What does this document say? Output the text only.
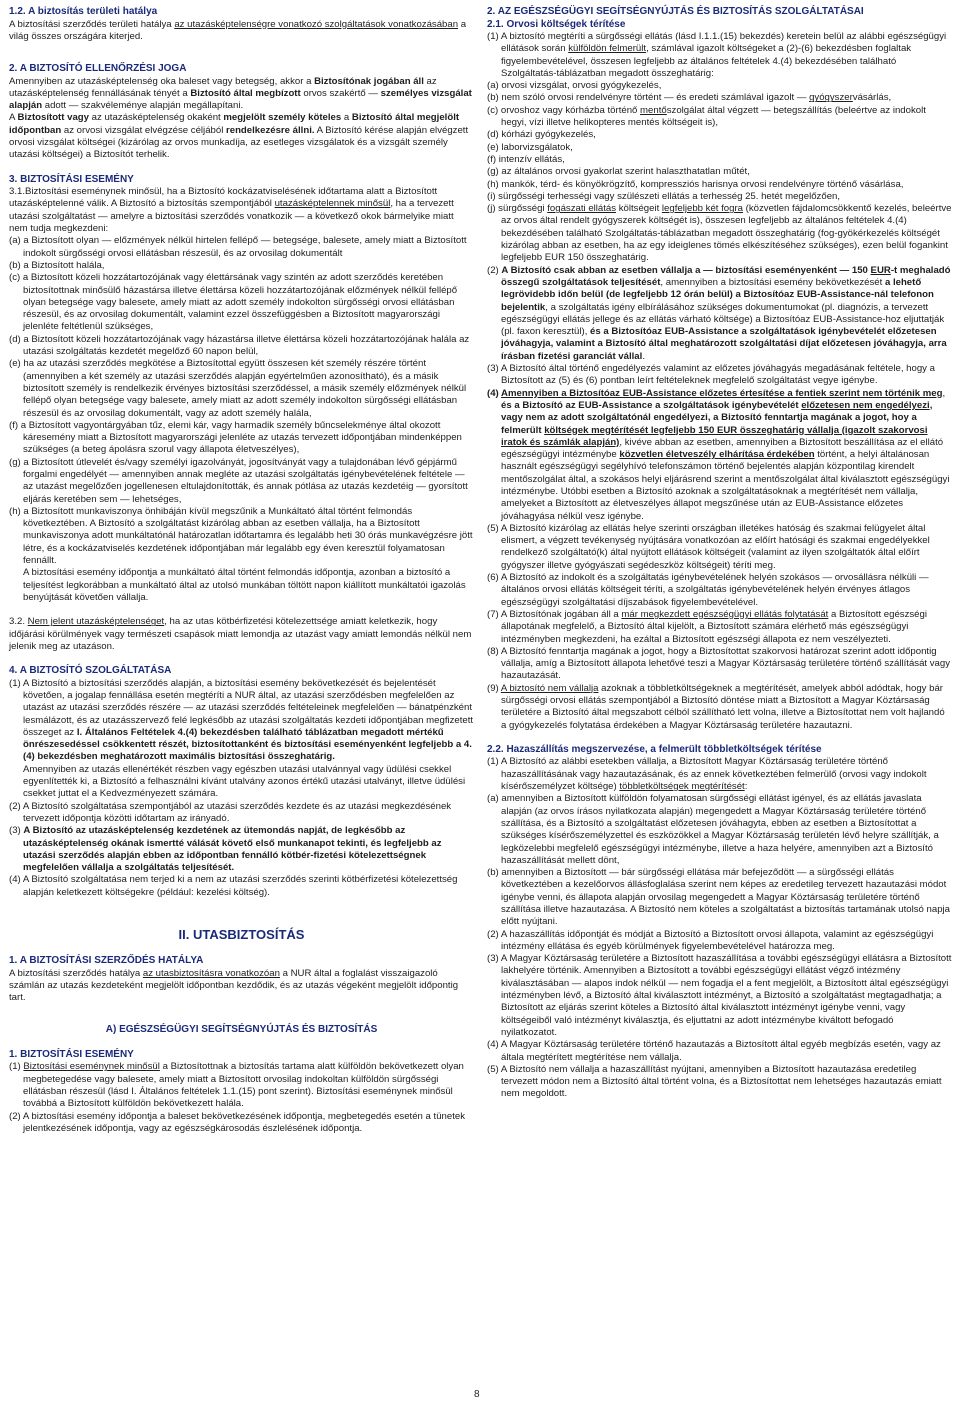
1.2. A biztosítás területi hatálya

A biztosítási szerződés területi hatálya az utazásképtelenségre vonatkozó szolgáltatások vonatkozásában a világ összes országára kiterjed.

2. A BIZTOSÍTÓ ELLENŐRZÉSI JOGA

Amennyiben az utazásképtelenség oka baleset vagy betegség, akkor a Biztosítónak jogában áll az utazásképtelenség fennállásának tényét a Biztosító által megbízott orvos szakértő — személyes vizsgálat alapján adott — szakvéleménye alapján megállapítani.

A Biztosított vagy az utazásképtelenség okaként megjelölt személy köteles a Biztosító által megjelölt időpontban az orvosi vizsgálat elvégzése céljából rendelkezésre állni. A Biztosító kérése alapján elvégzett orvosi vizsgálat költségei (kizárólag az orvos munkadíja, az esetleges vizsgálatok és a vizsgált személy utazási költségei) a Biztosítót terhelik.

3. BIZTOSÍTÁSI ESEMÉNY

3.1.Biztosítási eseménynek minősül, ha a Biztosító kockázatviselésének időtartama alatt a Biztosított utazásképtelenné válik. A Biztosító a biztosítás szempontjából utazásképtelennek minősül, ha a tervezett utazási szolgáltatást — amelyre a biztosítási szerződés vonatkozik — a következő okok bármelyike miatt nem tudja megkezdeni:

(a) a Biztosított olyan — előzmények nélkül hirtelen fellépő — betegsége, balesete, amely miatt a Biztosított indokolt sürgősségi orvosi ellátásban részesül, és az orvosilag dokumentált

(b) a Biztosított halála,

(c) a Biztosított közeli hozzátartozójának vagy élettársának vagy szintén az adott szerződés keretében biztosítottnak minősülő házastársa illetve élettársa közeli hozzátartozójának előzmények nélkül fellépő olyan betegsége vagy balesete, amely miatt az adott személy indokolton sürgősségi orvosi ellátásban részesül, és az orvosilag dokumentált, valamint ezzel összefüggésben a Biztosított magyarországi jelenléte feltétlenül szükséges,

(d) a Biztosított közeli hozzátartozójának vagy házastársa illetve élettársa közeli hozzátartozójának halála az utazási szolgáltatás kezdetét megelőző 60 napon belül,

(e) ha az utazási szerződés megkötése a Biztosítottal együtt összesen két személy részére történt (amennyiben a két személy az utazási szerződés alapján egyértelműen azonosítható), és a másik biztosított személy is rendelkezik érvényes biztosítási szerződéssel, a másik személy előzmények nélkül fellépő olyan betegsége vagy balesete, amely miatt az adott személy indokolton sürgősségi ellátásban részesül és az orvosilag dokumentált, vagy az adott személy halála,

(f) a Biztosított vagyontárgyában tűz, elemi kár, vagy harmadik személy bűncselekménye által okozott káresemény miatt a Biztosított magyarországi jelenléte az utazás tervezett időpontjában mindenképpen szükséges (a beteg ápolásra szorul vagy állapota életveszélyes),

(g) a Biztosított útlevelét és/vagy személyi igazolványát, jogosítványát vagy a tulajdonában lévő gépjármű forgalmi engedélyét — amennyiben annak megléte az utazási szolgáltatás igénybevételének feltétele — az utazást megelőzően jogellenesen eltulajdonították, és annak pótlása az utazás kezdetéig — gyorsított eljárás keretében sem — lehetséges,

(h) a Biztosított munkaviszonya önhibáján kívül megszűnik a Munkáltató által történt felmondás következtében. A Biztosító a szolgáltatást kizárólag abban az esetben vállalja, ha a Biztosított munkaviszonya adott munkáltatónál határozatlan időtartamra és legalább heti 30 órás munkavégzésre jött létre, és a kockázatviselés kezdetének időpontjában már legalább egy éven keresztül folyamatosan fennállt.

A biztosítási esemény időpontja a munkáltató által történt felmondás időpontja, azonban a biztosító a teljesítést legkorábban a munkáltató által az utolsó munkában töltött napon kiállított munkáltatói igazolás benyújtását követően vállalja.

3.2. Nem jelent utazásképtelenséget, ha az utas kötbérfizetési kötelezettsége amiatt keletkezik, hogy időjárási körülmények vagy természeti csapások miatt lemondja az utazást vagy amiatt lemondás nélkül nem jelenik meg az utazáson.

4. A BIZTOSÍTÓ SZOLGÁLTATÁSA

(1) A Biztosító a biztosítási szerződés alapján, a biztosítási esemény bekövetkezését és bejelentését követően, a jogalap fennállása esetén megtéríti a NUR által, az utazási szerződésben megfelelően az utazást az utazási szerződés részére — az utazási szerződés feltételeinek megfelelően — bánatpénzként lesmálázott, és az utazásszervező felé legkésőbb az utazási szolgáltatás kezdeti időpontjában megfizetett összeget az I. Általános Feltételek 4.(4) bekezdésben található táblázatban megadott mértékű önrészesedéssel csökkentett részét, biztosítottanként és biztosítási eseményenként legfeljebb a 4.(4) bekezdésben meghatározott maximális biztosítási összeghatárig.

Amennyiben az utazás ellenértékét részben vagy egészben utazási utalvánnyal vagy üdülési csekkel egyenlítették ki, a Biztosító a felhasználni kívánt utalvány azonos értékű utazási utalványt, illetve üdülési csekket juttat el a Kedvezményezett számára.

(2) A Biztosító szolgáltatása szempontjából az utazási szerződés kezdete és az utazási megkezdésének tervezett időpontja közötti időtartam az irányadó.

(3) A Biztosító az utazásképtelenség kezdetének az ütemondás napját, de legkésőbb az utazásképtelenség okának ismertté válását követő első munkanapot tekinti, és legfeljebb az utazási szerződés alapján ebben az időpontban fennálló kötbér-fizetési kötelezettségnek megfelelően vállalja a szolgáltatás teljesítését.

(4) A Biztosító szolgáltatása nem terjed ki a nem az utazási szerződés szerinti kötbérfizetési kötelezettség alapján keletkezett költségekre (például: kezelési költség).

II. UTASBIZTOSÍTÁS
1. A BIZTOSÍTÁSI SZERZŐDÉS HATÁLYA

A biztosítási szerződés hatálya az utasbiztosításra vonatkozóan a NUR által a foglalást visszaigazoló számlán az utazás kezdeteként megjelölt időpontban kezdődik, és az utazás végeként megjelölt időpontig tart.

A) EGÉSZSÉGÜGYI SEGÍTSÉGNYÚJTÁS ÉS BIZTOSÍTÁS
1. BIZTOSÍTÁSI ESEMÉNY

(1) Biztosítási eseménynek minősül a Biztosítottnak a biztosítás tartama alatt külföldön bekövetkezett olyan megbetegedése vagy balesete, amely miatt a Biztosított orvosilag indokoltan külföldön sürgősségi ellátásban részesül (lásd I. Általános feltételek 1.1.(15) pont szerint). Biztosítási eseménynek minősül továbbá a Biztosított külföldön bekövetkezett halála.

(2) A biztosítási esemény időpontja a baleset bekövetkezésének időpontja, megbetegedés esetén a tünetek jelentkezésének időpontja, vagy az egészségkárosodás észlelésének időpontja.

2. AZ EGÉSZSÉGÜGYI SEGÍTSÉGNYÚJTÁS ÉS BIZTOSÍTÁS SZOLGÁLTATÁSAI
2.1. Orvosi költségek térítése

(1) A biztosító megtéríti a sürgősségi ellátás (lásd I.1.1.(15) bekezdés) keretein belül az alábbi egészségügyi ellátások során külföldön felmerült, számlával igazolt költségeket a (2)-(6) bekezdésben foglaltak figyelembevételével, összesen legfeljebb az általános feltételek 4.(4) bekezdésében található Szolgáltatás-táblázatban megadott összeghatárig:

(a) orvosi vizsgálat, orvosi gyógykezelés,

(b) nem szóló orvosi rendelvényre történt — és eredeti számlával igazolt — gyógyszervásárlás,

(c) orvoshoz vagy kórházba történő mentőszolgálat által végzett — betegszállítás (beleértve az indokolt hegyi, vízi illetve helikopteres mentés költségeit is),

(d) kórházi gyógykezelés,

(e) laborvizsgálatok,

(f) intenzív ellátás,

(g) az általános orvosi gyakorlat szerint halaszthatatlan műtét,

(h) mankók, térd- és könyökrögzítő, kompressziós harisnya orvosi rendelvényre történő vásárlása,

(i) sürgősségi terhességi vagy szülészeti ellátás a terhesség 25. hetét megelőzően,

(j) sürgősségi fogászati ellátás költségeit legfeljebb két fogra (közvetlen fájdalomcsökkentő kezelés, beleértve az orvos által rendelt gyógyszerek költségét is), összesen legfeljebb az általános feltételek 4.(4) bekezdésében található Szolgáltatás-táblázatban megadott összeghatárig (fog-gyökérkezelés költségét kizárólag abban az esetben, ha az egy ideiglenes tömés elkészítéséhez szükséges), ezen belül fogankint legfeljebb EUR 150 összeghatárig.

(2) A Biztosító csak abban az esetben vállalja a — biztosítási eseményenként — 150 EUR-t meghaladó összegű szolgáltatások teljesítését, amennyiben a biztosítási esemény bekövetkezését a lehető legrövidebb időn belül (de legfeljebb 12 órán belül) a Biztosítóaz EUB-Assistance-nál telefonon bejelentik, a szolgáltatás igény elbírálásához szükséges dokumentumokat (pl. diagnózis, a tervezett egészségügyi ellátás jellege és az ellátás várható költsége) a Biztosítóaz EUB-Assistance-hoz eljuttatják (pl. faxon keresztül), és a Biztosítóaz EUB-Assistance a szolgáltatások igénybevételét előzetesen jóváhagyja, valamint a Biztosító által meghatározott szolgáltatási díjat előzetesen jóváhagyja, arra írásban fizetési garanciát vállal.

(3) A Biztosító által történő engedélyezés valamint az előzetes jóváhagyás megadásának feltétele, hogy a Biztosított az (5) és (6) pontban leírt feltételeknek megfelelő szolgáltatást vegye igénybe.

(4) Amennyiben a Biztosítóaz EUB-Assistance előzetes értesítése a fentiek szerint nem történik meg, és a Biztosító az EUB-Assistance a szolgáltatások igénybevételét előzetesen nem engedélyezi, vagy nem az adott szolgáltatónál engedélyezi, a Biztosító fenntartja magának a jogot, hoy a felmerült költségek megtérítését legfeljebb 150 EUR összeghatárig vállalja (igazolt szakorvosi iratok és számlák alapján), kivéve abban az esetben, amennyiben a Biztosított beszállítása az el ellátó egészségügyi intézménybe közvetlen életveszély elhárítása érdekében történt, a helyi általánosan használt egészségügyi segélyhívó telefonszámon történő bejelentés alapján központilag kirendelt mentőszolgálat által, a szokásos helyi eljárásrend szerint a mentőszolgálat által kiválasztott egészségügyi intézménybe. Utóbbi esetben a Biztosító azoknak a szolgáltatásoknak a megtérítését nem vállalja, amelyeket a Biztosított az életveszélyes állapot megszűnése után az EUB-Assistance előzetes jóváhagyása nélkül vesz igénybe.

(5) A Biztosító kizárólag az ellátás helye szerinti országban illetékes hatóság és szakmai felügyelet által elismert, a végzett tevékenység nyújtására vonatkozóan az előírt hatósági és szakmai engedélyekkel rendelkező szolgáltató(k) által nyújtott ellátások költségeit (valamint az ilyen szolgáltatók által előírt gyógyszer illetve gyógyászati segédeszköz költségeit) téríti meg.

(6) A Biztosító az indokolt és a szolgáltatás igénybevételének helyén szokásos — orvosállásra nélküli — általános orvosi ellátás költségeit téríti, a szolgáltatás igénybevételének helyén érvényes átlagos egészségügyi szolgáltatási díjszabások figyelembevételével.

(7) A Biztosítónak jogában áll a már megkezdett egészségügyi ellátás folytatását a Biztosított egészségi állapotának megfelelő, a Biztosító által kijelölt, a Biztosított számára elérhető más egészségügyi intézményben megkezdeni, ha ezáltal a Biztosított egészségi állapota ez nem veszélyezteti.

(8) A Biztosító fenntartja magának a jogot, hogy a Biztosítottat szakorvosi határozat szerint adott időpontig vállalja, amíg a Biztosított állapota lehetővé teszi a Magyar Köztársaság területére történő szállítását vagy hazautazását.

(9) A biztosító nem vállalja azoknak a többletköltségeknek a megtérítését, amelyek abból adódtak, hogy bár sürgősségi orvosi ellátás szempontjából a Biztosító döntése miatt a Biztosított a Magyar Köztársaság területére a Biztosító által megszabott célból szállítható lett volna, illetve a Biztosítottat nem volt hajlandó a gyógykezelés folytatása érdekében a Magyar Köztársaság területére hazautazni.

2.2. Hazaszállítás megszervezése, a felmerült többletköltségek térítése

(1) A Biztosító az alábbi esetekben vállalja, a Biztosított Magyar Köztársaság területére történő hazaszállításának vagy hazautazásának, és az ennek következtében felmerülő (orvosi vagy indokolt kísérőszemélyzet költsége) többletköltségek megtérítését:

(a) amennyiben a Biztosított külföldön folyamatosan sürgősségi ellátást igényel, és az ellátás javaslata alapján (az orvos írásos nyilatkozata alapján) megengedett a Magyar Köztársaság területére történő szállítása, és a Biztosító a szolgáltatást előzetesen jóváhagyta, ebben az esetben a Biztosítottat a szükséges kísérőszemélyzettel és eszközökkel a Magyar Köztársaság területén lévő helyre szállítják, a legközelebbi megfelelő egészségügyi intézménybe, illetve a haza helyére, amennyiben azt a Biztosító hazaszállítását mellett dönt,

(b) amennyiben a Biztosított — bár sürgősségi ellátása már befejeződött — a sürgősségi ellátás következtében a kezelőorvos állásfoglalása szerint nem képes az eredetileg tervezett hazautazási módot igénybe venni, és állapota alapján orvosilag megengedett a Magyar Köztársaság területére történő szállítása illetve hazautazása. A Biztosító nem köteles a szolgáltatást a biztosítás tartamának utolsó napja előtt nyújtani.

(2) A hazaszállítás időpontját és módját a Biztosító a Biztosított orvosi állapota, valamint az egészségügyi intézmény ellátása és egyéb körülmények figyelembevételével határozza meg.

(3) A Magyar Köztársaság területére a Biztosított hazaszállítása a további egészségügyi ellátásra a Biztosított lakhelyére történik. Amennyiben a Biztosított a további egészségügyi ellátást végző intézmény kiválasztásában — alapos indok nélkül — nem fogadja el a fent megjelölt, a Biztosított által egészségügyi intézményben lévő, a Biztosító által kiválasztott intézményt, a Biztosító a szolgáltatást megtagadhatja; a Biztosított az eljárás szerint köteles a Biztosító által kiválasztott intézményt igénybe venni, vagy költségeiből való intézményt kiválasztja, és eljuttatni az adott intézménybe kiváltott befogadó nyilatkozatot.

(4) A Magyar Köztársaság területére történő hazautazás a Biztosított által egyéb megbízás esetén, vagy az általa megtérített megtérítése nem vállalja.

(5) A Biztosító nem vállalja a hazaszállítást nyújtani, amennyiben a Biztosított hazautazása eredetileg tervezett módon nem a Biztosító által történt volna, és a Biztosítottat nem lehetséges hazautazás emiatt nem megoldott.

8
